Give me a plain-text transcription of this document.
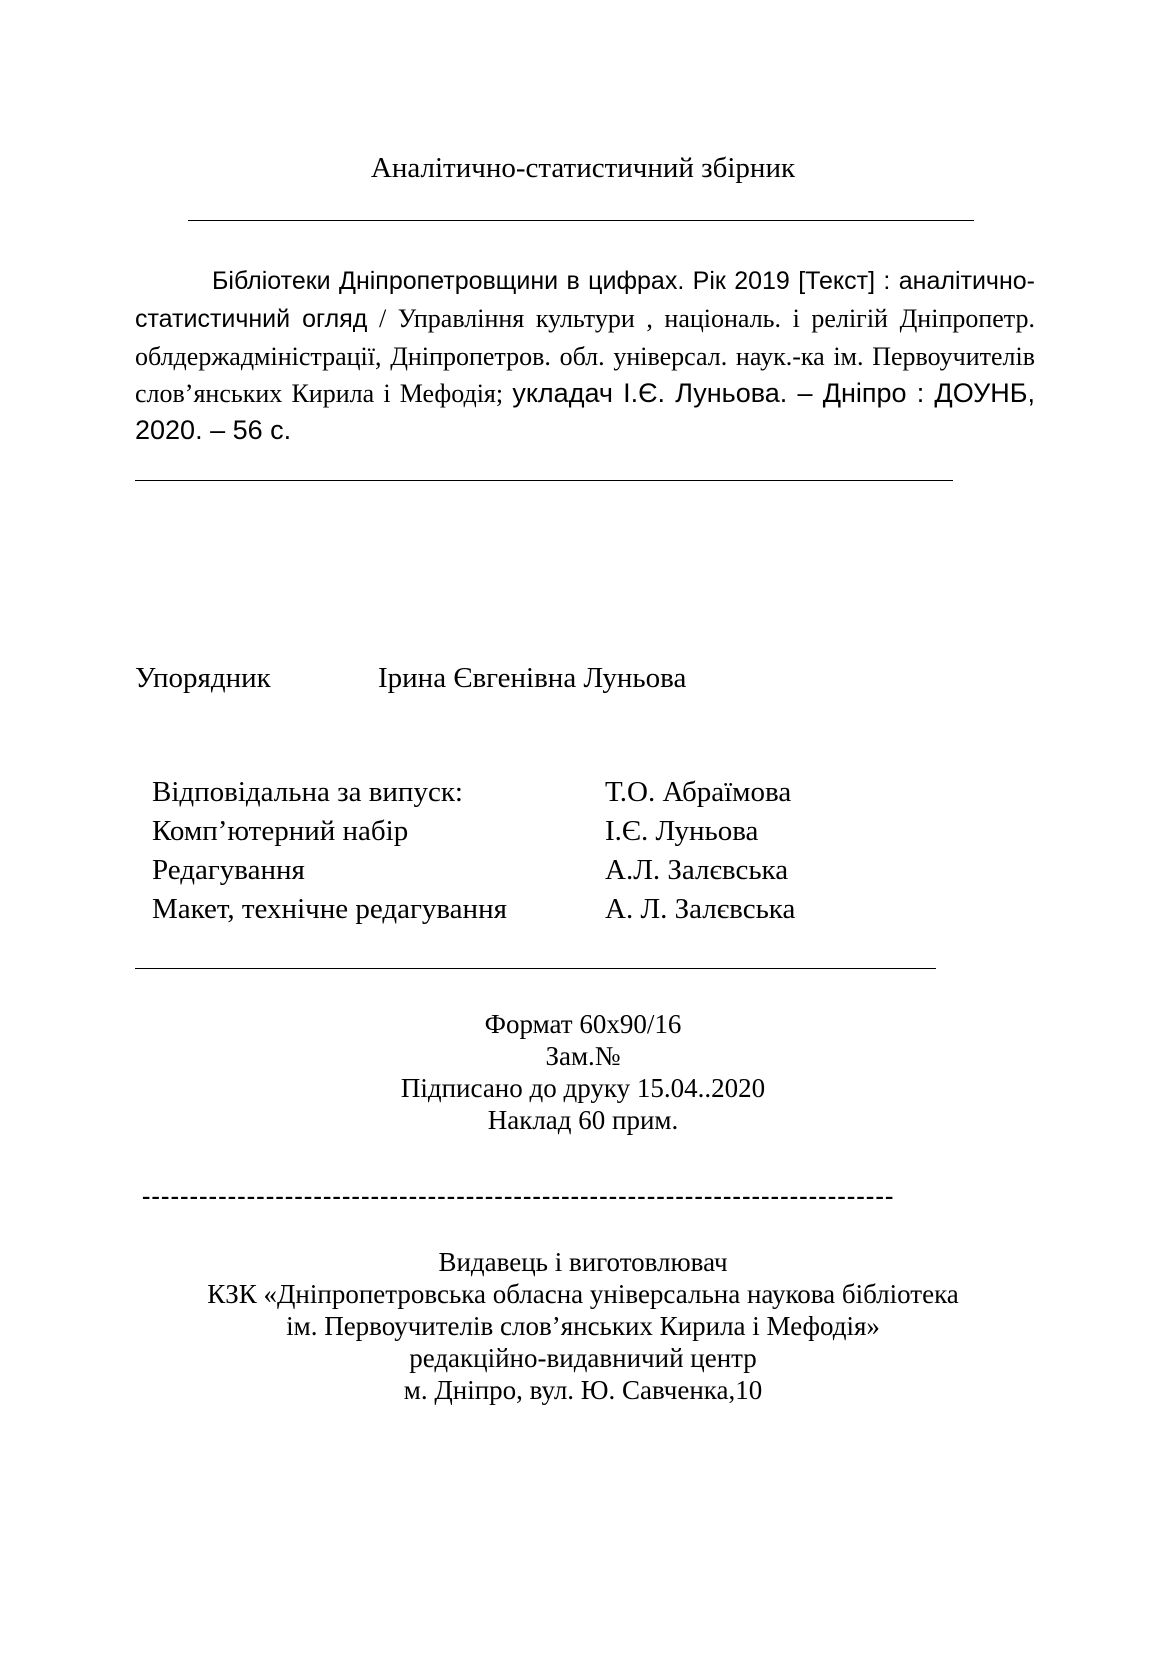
Аналітично-статистичний збірник
Бібліотеки Дніпропетровщини в цифрах. Рік 2019 [Текст] : аналітично-статистичний огляд / Управління культури , національ. і релігій Дніпропетр. облдержадміністрації, Дніпропетров. обл. універсал. наук.-ка ім. Первоучителів слов’янських Кирила і Мефодія; укладач І.Є. Луньова. – Дніпро : ДОУНБ, 2020. – 56 с.
Упорядник	Ірина Євгенівна Луньова
Відповідальна за випуск:	Т.О. Абраїмова
Комп’ютерний набір	І.Є. Луньова
Редагування	А.Л. Залєвська
Макет, технічне редагування	А. Л. Залєвська
Формат 60х90/16
Зам.№
Підписано до друку 15.04..2020
Наклад 60 прим.
-------------------------------------------------------------------------------
Видавець і виготовлювач
КЗК «Дніпропетровська обласна універсальна наукова бібліотека
ім. Первоучителів слов’янських Кирила і Мефодія»
редакційно-видавничий центр
м. Дніпро, вул. Ю. Савченка,10
